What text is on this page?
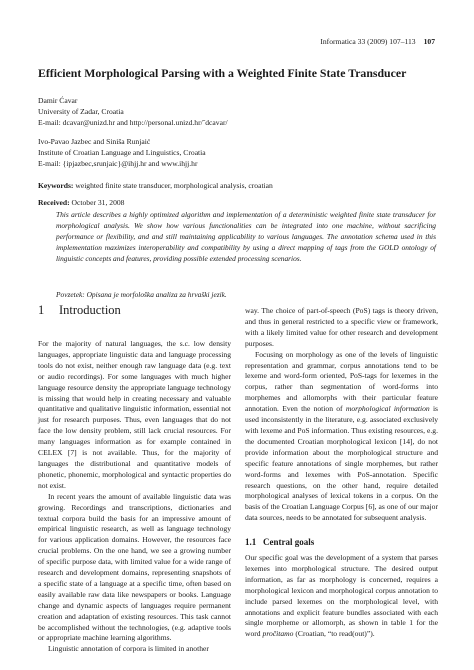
Informatica 33 (2009) 107–113 107
Efficient Morphological Parsing with a Weighted Finite State Transducer
Damir Ćavar
University of Zadar, Croatia
E-mail: dcavar@unizd.hr and http://personal.unizd.hr/˜dcavar/
Ivo-Pavao Jazbec and Siniša Runjaić
Institute of Croatian Language and Linguistics, Croatia
E-mail: {ipjazbec,srunjaic}@ihjj.hr and www.ihjj.hr
Keywords: weighted finite state transducer, morphological analysis, croatian
Received: October 31, 2008
This article describes a highly optimized algorithm and implementation of a deterministic weighted finite state transducer for morphological analysis. We show how various functionalities can be integrated into one machine, without sacrificing performance or flexibility, and and still maintaining applicability to various languages. The annotation schema used in this implementation maximizes interoperability and compatibility by using a direct mapping of tags from the GOLD ontology of linguistic concepts and features, providing possible extended processing scenarios.
Povzetek: Opisana je morfološka analiza za hrvaški jezik.
1 Introduction

For the majority of natural languages, the s.c. low density languages, appropriate linguistic data and language processing tools do not exist, neither enough raw language data (e.g. text or audio recordings). For some languages with much higher language resource density the appropriate language technology is missing that would help in creating necessary and valuable quantitative and qualitative linguistic information, essential not just for research purposes. Thus, even languages that do not face the low density problem, still lack crucial resources. For many languages information as for example contained in CELEX [7] is not available. Thus, for the majority of languages the distributional and quantitative models of phonetic, phonemic, morphological and syntactic properties do not exist.

In recent years the amount of available linguistic data was growing. Recordings and transcriptions, dictionaries and textual corpora build the basis for an impressive amount of empirical linguistic research, as well as language technology for various application domains. However, the resources face crucial problems. On the one hand, we see a growing number of specific purpose data, with limited value for a wide range of research and development domains, representing snapshots of a specific state of a language at a specific time, often based on easily available raw data like newspapers or books. Language change and dynamic aspects of languages require permanent creation and adaptation of existing resources. This task cannot be accomplished without the technologies, (e.g. adaptive tools or appropriate machine learning algorithms.

Linguistic annotation of corpora is limited in another

way. The choice of part-of-speech (PoS) tags is theory driven, and thus in general restricted to a specific view or framework, with a likely limited value for other research and development purposes.

Focusing on morphology as one of the levels of linguistic representation and grammar, corpus annotations tend to be lexeme and word-form oriented, PoS-tags for lexemes in the corpus, rather than segmentation of word-forms into morphemes and allomorphs with their particular feature annotation. Even the notion of morphological information is used inconsistently in the literature, e.g. associated exclusively with lexeme and PoS information. Thus existing resources, e.g. the documented Croatian morphological lexicon [14], do not provide information about the morphological structure and specific feature annotations of single morphemes, but rather word-forms and lexemes with PoS-annotation. Specific research questions, on the other hand, require detailed morphological analyses of lexical tokens in a corpus. On the basis of the Croatian Language Corpus [6], as one of our major data sources, needs to be annotated for subsequent analysis.

1.1 Central goals

Our specific goal was the development of a system that parses lexemes into morphological structure. The desired output information, as far as morphology is concerned, requires a morphological lexicon and morphological corpus annotation to include parsed lexemes on the morphological level, with annotations and explicit feature bundles associated with each single morpheme or allomorph, as shown in table 1 for the word pročitamo (Croatian, “to read(out)”).
